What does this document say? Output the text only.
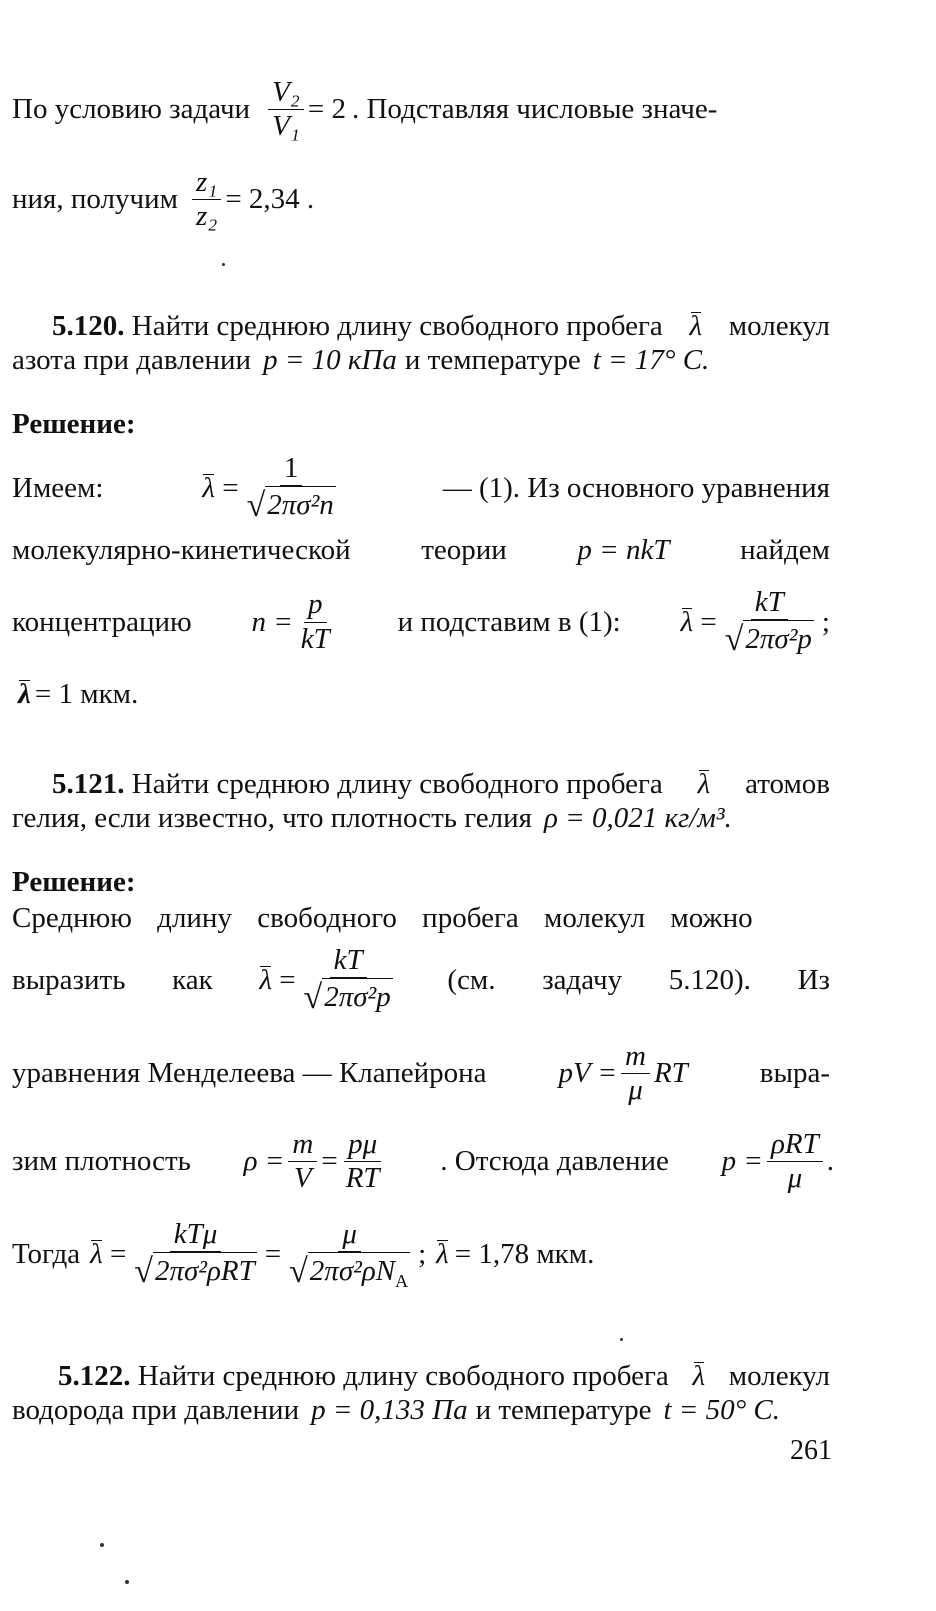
По условию задачи $\frac{\text{V₂}}{\text{V₁}} = 2$ . Подставляя числовые значе-
ния, получим $\frac{\text{z₁}}{\text{z₂}} = 2,34$ .
5.120. Найти среднюю длину свободного пробега λ молекул
азота при давлении p = 10 кПа и температуре t = 17° C.
Решение:
Имеем:	$\lambda = \frac{1}{\text{√ 2πσ²n}}$	— (1). Из основного уравнения
молекулярно-кинетической теории p = nkT найдем
концентрацию $n = \frac{p}{kT}$ и подставим в (1): $\lambda = \frac{kT}{\text{√ 2πσ²p}}$ ;
λ = 1 мкм.
5.121. Найти среднюю длину свободного пробега λ атомов
гелия, если известно, что плотность гелия ρ = 0,021 кг/м³.
Решение:
Среднюю длину свободного пробега молекул можно
выразить как $\lambda = \frac{kT}{\text{√ 2πσ²p}} (см$. задачу 5.120). Из
уравнения Менделеева — Клапейрона pV = $\frac{m}{\mu}$ RT выра-
зим плотность $\rho = \frac{m}{V} = \frac{p\mu}{RT}$ . Отсюда давление $p = \frac{\text{ρRT}}{\mu}$ .
Тогда $\lambda = \frac{\text{kTμ}}{\text{√ 2πσ²ρRT}} = \frac{\mu}{√ 2\pi\sigma^2\rho N_A}$ ; λ = 1,78 мкм.
5.122. Найти среднюю длину свободного пробега λ молекул
водорода при давлении p = 0,133 Па и температуре t = 50° C.
261
